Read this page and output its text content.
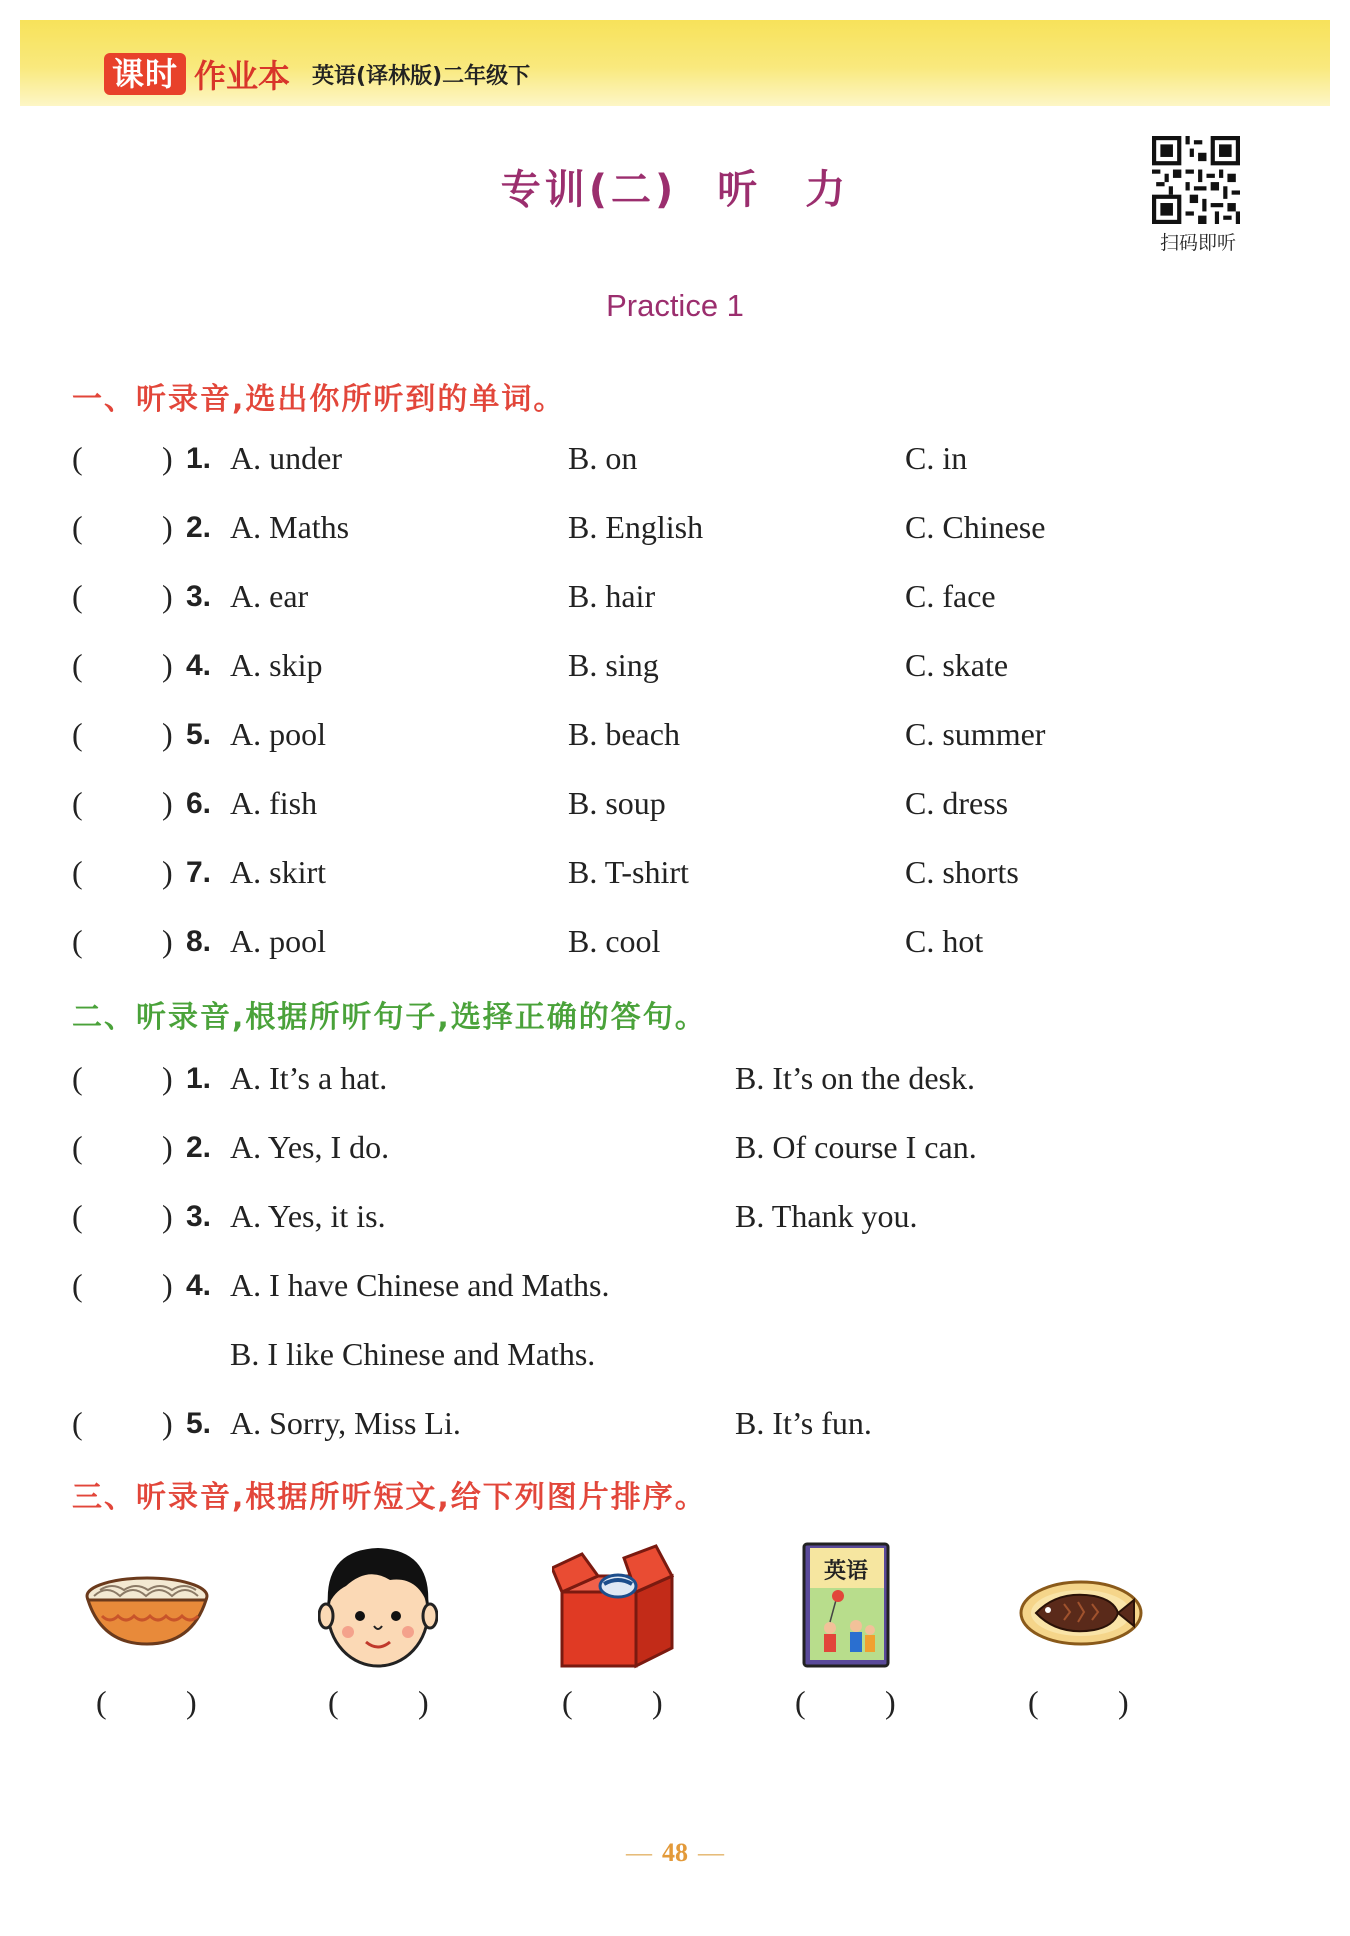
课时 作业本 英语(译林版)二年级下
专训(二) 听　力
扫码即听
Practice 1
一、听录音,选出你所听到的单词。
( ) 1. A. under	B. on	C. in
( ) 2. A. Maths	B. English	C. Chinese
( ) 3. A. ear	B. hair	C. face
( ) 4. A. skip	B. sing	C. skate
( ) 5. A. pool	B. beach	C. summer
( ) 6. A. fish	B. soup	C. dress
( ) 7. A. skirt	B. T-shirt	C. shorts
( ) 8. A. pool	B. cool	C. hot
二、听录音,根据所听句子,选择正确的答句。
( ) 1. A. It’s a hat.	B. It’s on the desk.
( ) 2. A. Yes, I do.	B. Of course I can.
( ) 3. A. Yes, it is.	B. Thank you.
( ) 4. A. I have Chinese and Maths.
B. I like Chinese and Maths.
( ) 5. A. Sorry, Miss Li.	B. It’s fun.
三、听录音,根据所听短文,给下列图片排序。
英语
( )	( )	( )	( )	( )
— 48 —
